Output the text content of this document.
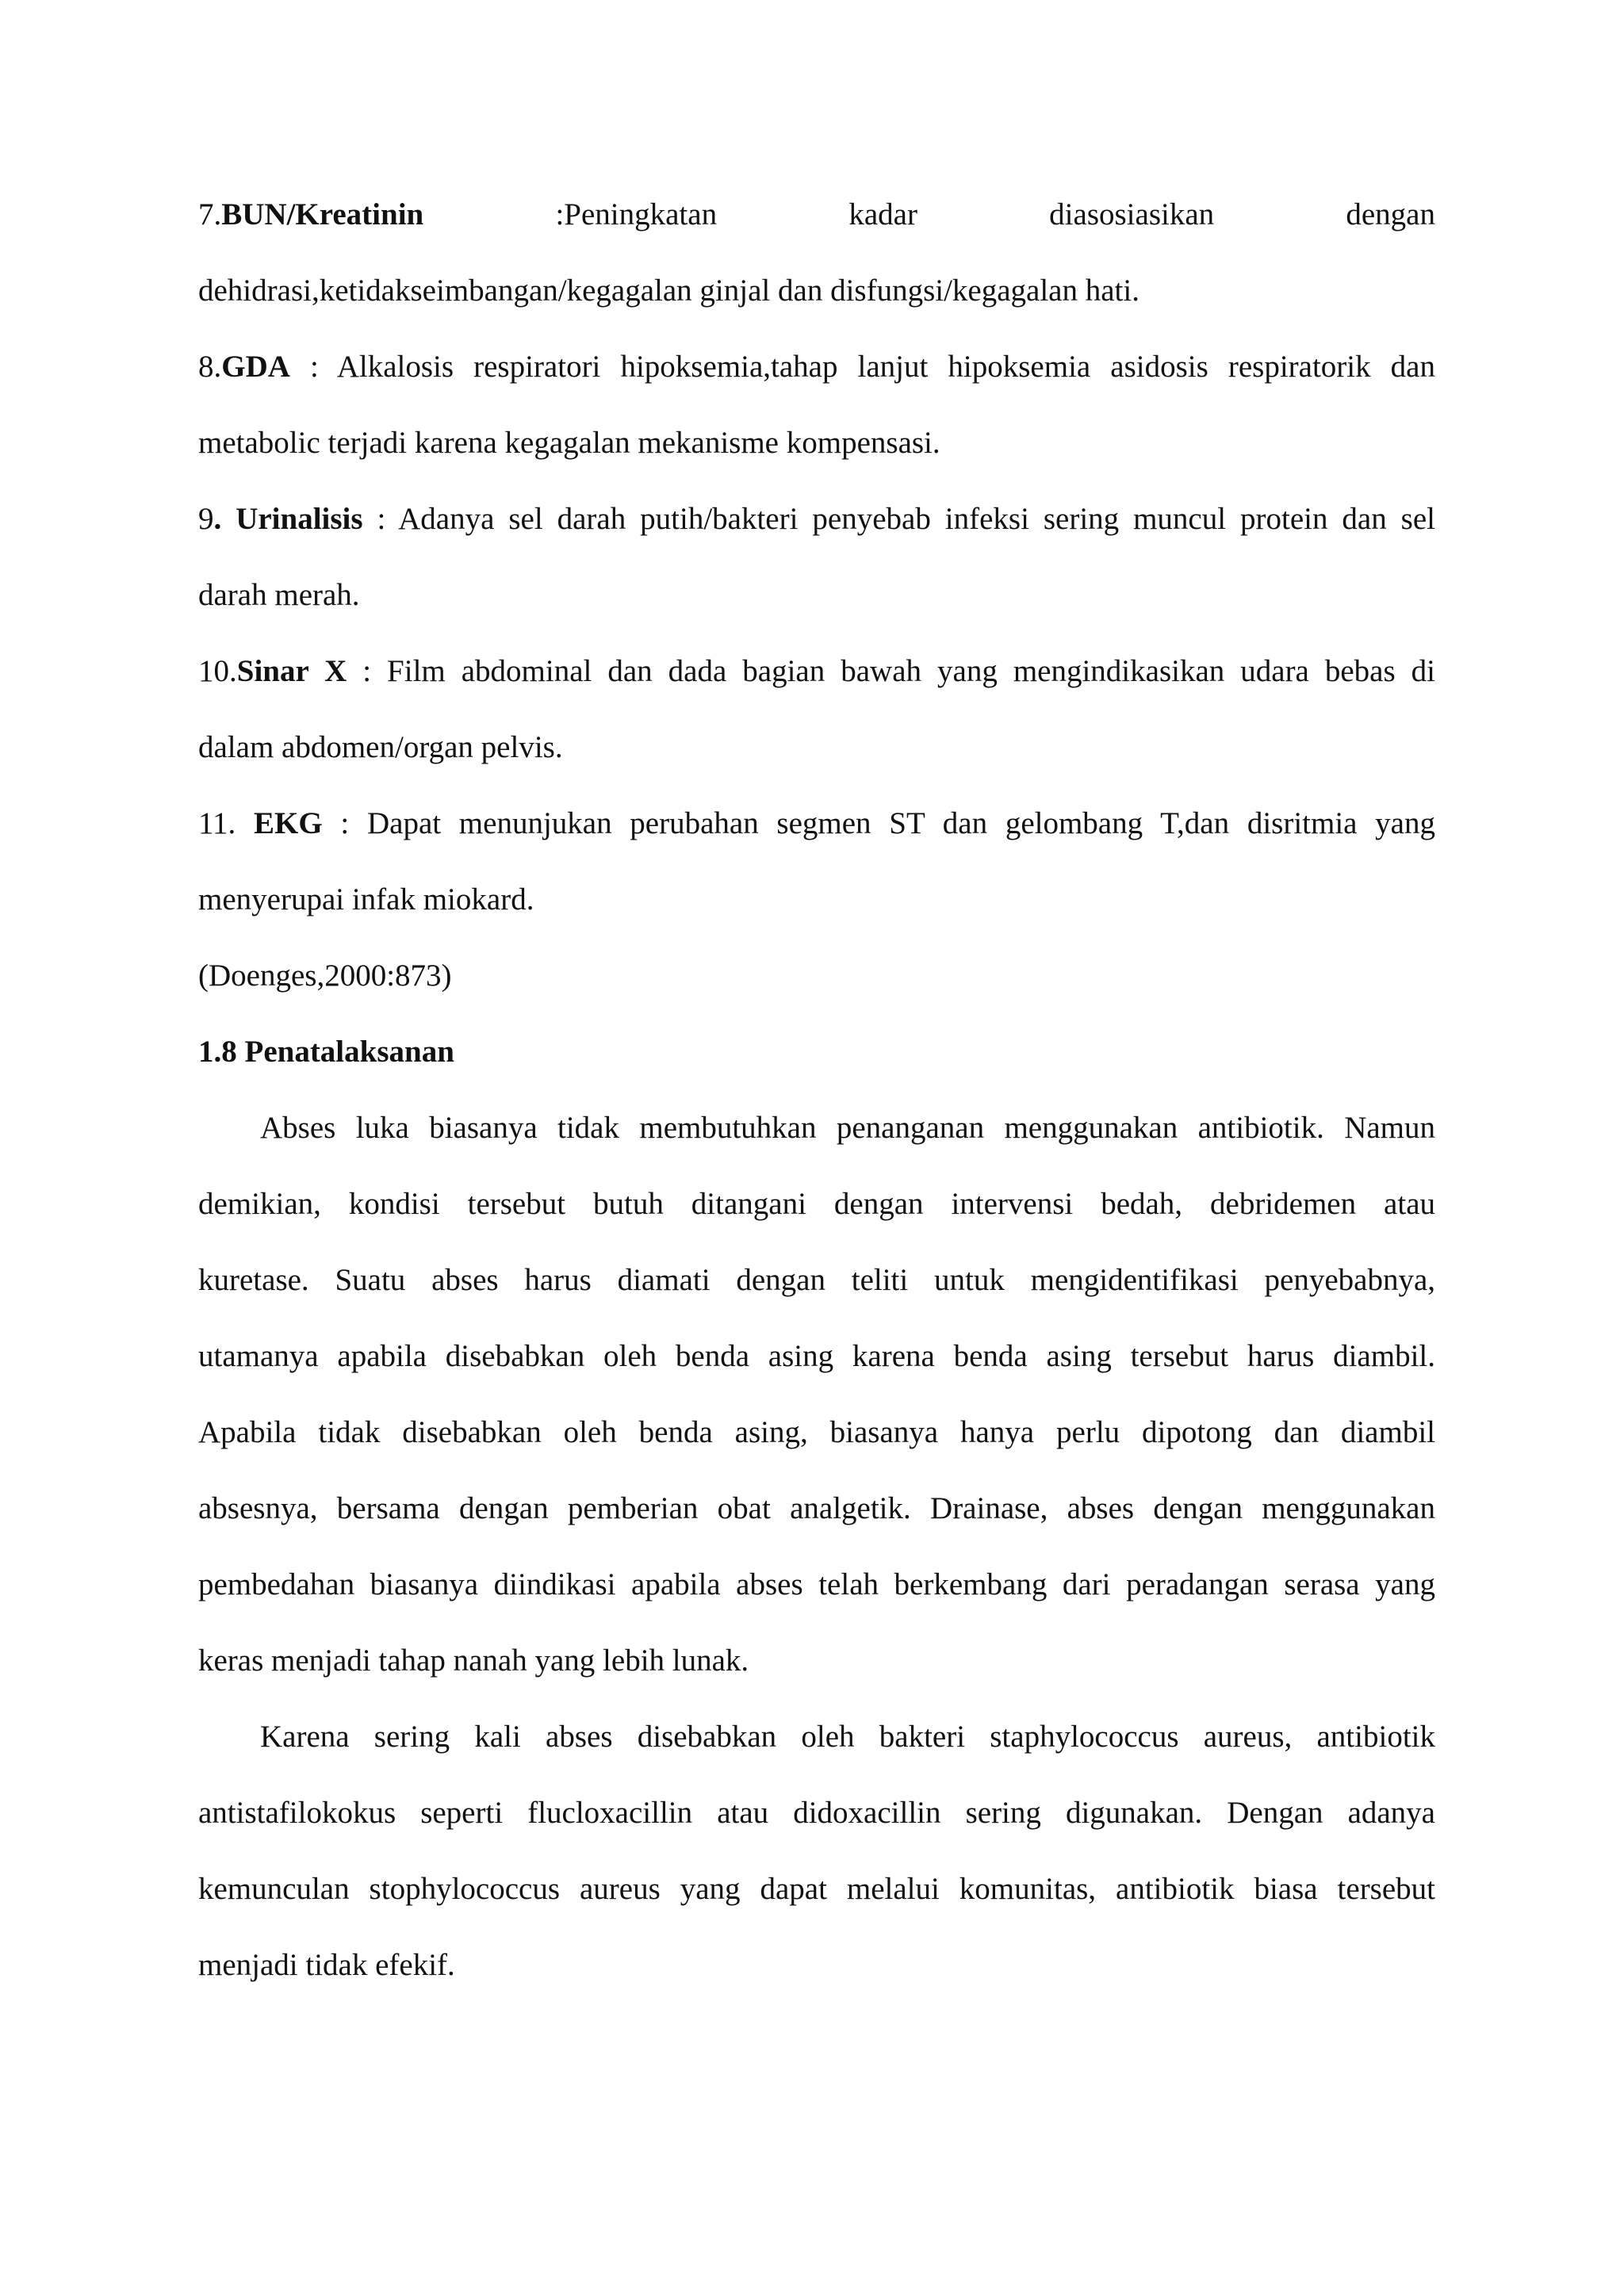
7.BUN/Kreatinin	:Peningkatan	kadar	diasosiasikan	dengan
dehidrasi,ketidakseimbangan/kegagalan ginjal dan disfungsi/kegagalan hati.
8.GDA : Alkalosis respiratori hipoksemia,tahap lanjut hipoksemia asidosis respiratorik dan
metabolic terjadi karena kegagalan mekanisme kompensasi.
9. Urinalisis : Adanya sel darah putih/bakteri penyebab infeksi sering muncul protein dan sel
darah merah.
10.Sinar X : Film abdominal dan dada bagian bawah yang mengindikasikan udara bebas di
dalam abdomen/organ pelvis.
11. EKG : Dapat menunjukan perubahan segmen ST dan gelombang T,dan disritmia yang
menyerupai infak miokard.
(Doenges,2000:873)
1.8 Penatalaksanan
Abses luka biasanya tidak membutuhkan penanganan menggunakan antibiotik. Namun
demikian, kondisi tersebut butuh ditangani dengan intervensi bedah, debridemen atau
kuretase. Suatu abses harus diamati dengan teliti untuk mengidentifikasi penyebabnya,
utamanya apabila disebabkan oleh benda asing karena benda asing tersebut harus diambil.
Apabila tidak disebabkan oleh benda asing, biasanya hanya perlu dipotong dan diambil
absesnya, bersama dengan pemberian obat analgetik. Drainase, abses dengan menggunakan
pembedahan biasanya diindikasi apabila abses telah berkembang dari peradangan serasa yang
keras menjadi tahap nanah yang lebih lunak.
Karena sering kali abses disebabkan oleh bakteri staphylococcus aureus, antibiotik
antistafilokokus seperti flucloxacillin atau didoxacillin sering digunakan. Dengan adanya
kemunculan stophylococcus aureus yang dapat melalui komunitas, antibiotik biasa tersebut
menjadi tidak efekif.
